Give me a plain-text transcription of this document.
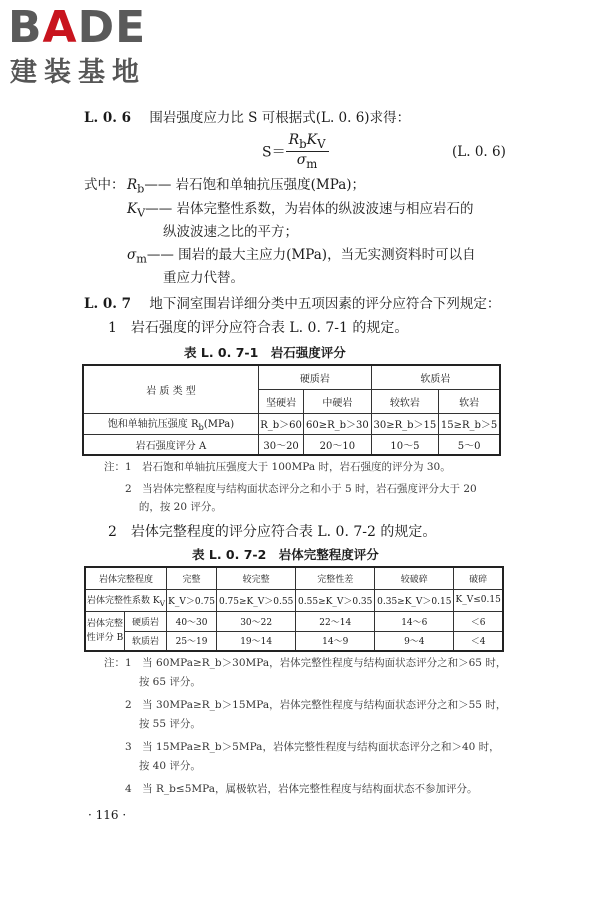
BADE
建装基地
L. 0. 6 围岩强度应力比 S 可根据式(L. 0. 6)求得：
$S= \frac{R_bK_V}{\sigma_m}$	(L. 0. 6)
式中： $R_b——$ 岩石饱和单轴抗压强度(MPa)；
$K_V——$ 岩体完整性系数，为岩体的纵波波速与相应岩石的
纵波波速之比的平方；
$\sigma_m——$ 围岩的最大主应力(MPa)，当无实测资料时可以自
重应力代替。
L. 0. 7 地下洞室围岩详细分类中五项因素的评分应符合下列规定：
1　岩石强度的评分应符合表 L. 0. 7-1 的规定。
表 L. 0. 7-1　岩石强度评分
岩 质 类 型	硬质岩		软质岩	
	坚硬岩	中硬岩	较软岩	软岩
饱和单轴抗压强度 $R_b(MPa)$	R_b＞60	60≥R_b＞30	30≥R_b＞15	15≥R_b＞5
岩石强度评分 A	30～20	20～10	10～5	5～0
注：1　岩石饱和单轴抗压强度大于 100MPa 时，岩石强度的评分为 30。
　　2　当岩体完整程度与结构面状态评分之和小于 5 时，岩石强度评分大于 20
　　　 的，按 20 评分。
2　岩体完整程度的评分应符合表 L. 0. 7-2 的规定。
表 L. 0. 7-2　岩体完整程度评分
岩体完整程度		完整	较完整	完整性差	较破碎	破碎
岩体完整性系数 $K_V$		K_V＞0.75	0.75≥K_V＞0.55	0.55≥K_V＞0.35	0.35≥K_V＞0.15	K_V≤0.15
岩体完整
性评分 B	硬质岩	40～30	30～22	22～14	14～6	＜6
	软质岩	25～19	19～14	14～9	9～4	＜4
注：1　当 60MPa≥R_b＞30MPa，岩体完整性程度与结构面状态评分之和＞65 时，
　　　 按 65 评分。
　　2　当 30MPa≥R_b＞15MPa，岩体完整性程度与结构面状态评分之和＞55 时，
　　　 按 55 评分。
　　3　当 15MPa≥R_b＞5MPa，岩体完整性程度与结构面状态评分之和＞40 时，
　　　 按 40 评分。
　　4　当 R_b≤5MPa，属极软岩，岩体完整性程度与结构面状态不参加评分。
· 116 ·
